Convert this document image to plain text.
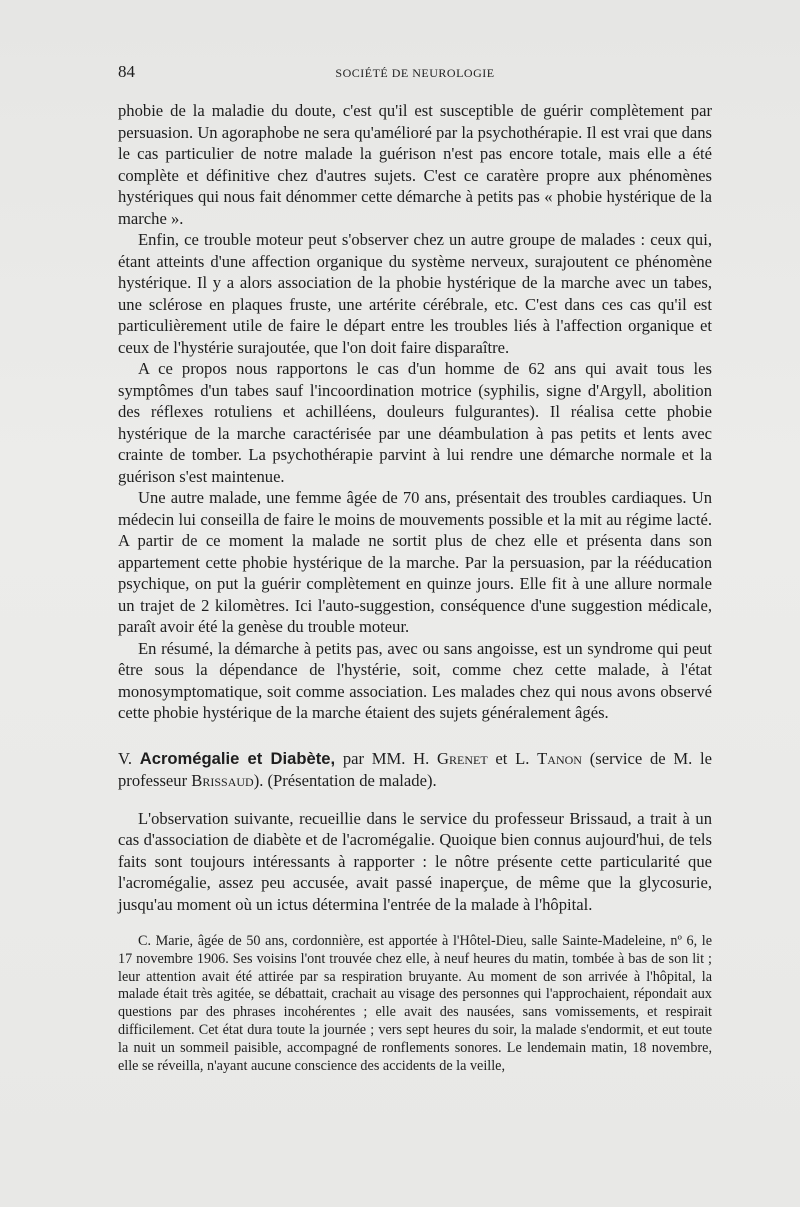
84	SOCIÉTÉ DE NEUROLOGIE

phobie de la maladie du doute, c'est qu'il est susceptible de guérir complètement par persuasion. Un agoraphobe ne sera qu'amélioré par la psychothérapie. Il est vrai que dans le cas particulier de notre malade la guérison n'est pas encore totale, mais elle a été complète et définitive chez d'autres sujets. C'est ce caratère propre aux phénomènes hystériques qui nous fait dénommer cette démarche à petits pas « phobie hystérique de la marche ».

Enfin, ce trouble moteur peut s'observer chez un autre groupe de malades : ceux qui, étant atteints d'une affection organique du système nerveux, surajoutent ce phénomène hystérique. Il y a alors association de la phobie hystérique de la marche avec un tabes, une sclérose en plaques fruste, une artérite cérébrale, etc. C'est dans ces cas qu'il est particulièrement utile de faire le départ entre les troubles liés à l'affection organique et ceux de l'hystérie surajoutée, que l'on doit faire disparaître.

A ce propos nous rapportons le cas d'un homme de 62 ans qui avait tous les symptômes d'un tabes sauf l'incoordination motrice (syphilis, signe d'Argyll, abolition des réflexes rotuliens et achilléens, douleurs fulgurantes). Il réalisa cette phobie hystérique de la marche caractérisée par une déambulation à pas petits et lents avec crainte de tomber. La psychothérapie parvint à lui rendre une démarche normale et la guérison s'est maintenue.

Une autre malade, une femme âgée de 70 ans, présentait des troubles cardiaques. Un médecin lui conseilla de faire le moins de mouvements possible et la mit au régime lacté. A partir de ce moment la malade ne sortit plus de chez elle et présenta dans son appartement cette phobie hystérique de la marche. Par la persuasion, par la rééducation psychique, on put la guérir complètement en quinze jours. Elle fit à une allure normale un trajet de 2 kilomètres. Ici l'auto-suggestion, conséquence d'une suggestion médicale, paraît avoir été la genèse du trouble moteur.

En résumé, la démarche à petits pas, avec ou sans angoisse, est un syndrome qui peut être sous la dépendance de l'hystérie, soit, comme chez cette malade, à l'état monosymptomatique, soit comme association. Les malades chez qui nous avons observé cette phobie hystérique de la marche étaient des sujets généralement âgés.

V. Acromégalie et Diabète, par MM. H. Grenet et L. Tanon (service de M. le professeur Brissaud). (Présentation de malade).

L'observation suivante, recueillie dans le service du professeur Brissaud, a trait à un cas d'association de diabète et de l'acromégalie. Quoique bien connus aujourd'hui, de tels faits sont toujours intéressants à rapporter : le nôtre présente cette particularité que l'acromégalie, assez peu accusée, avait passé inaperçue, de même que la glycosurie, jusqu'au moment où un ictus détermina l'entrée de la malade à l'hôpital.

C. Marie, âgée de 50 ans, cordonnière, est apportée à l'Hôtel-Dieu, salle Sainte-Madeleine, nº 6, le 17 novembre 1906. Ses voisins l'ont trouvée chez elle, à neuf heures du matin, tombée à bas de son lit ; leur attention avait été attirée par sa respiration bruyante. Au moment de son arrivée à l'hôpital, la malade était très agitée, se débattait, crachait au visage des personnes qui l'approchaient, répondait aux questions par des phrases incohérentes ; elle avait des nausées, sans vomissements, et respirait difficilement. Cet état dura toute la journée ; vers sept heures du soir, la malade s'endormit, et eut toute la nuit un sommeil paisible, accompagné de ronflements sonores. Le lendemain matin, 18 novembre, elle se réveilla, n'ayant aucune conscience des accidents de la veille,
